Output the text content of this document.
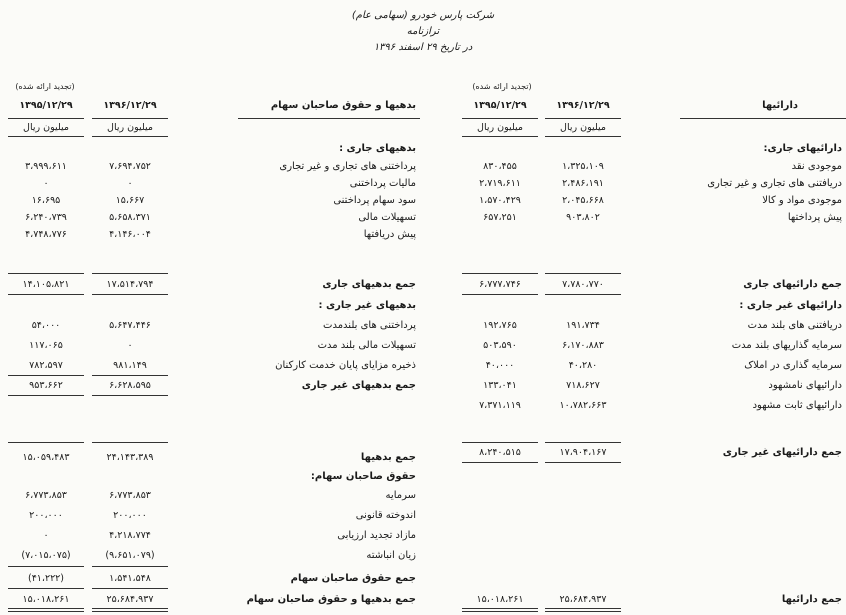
شرکت پارس خودرو (سهامی عام)
ترازنامه
در تاریخ ۲۹ اسفند ۱۳۹۶
دارائیها
(تجدید ارائه شده)
۱۳۹۶/۱۲/۲۹
۱۳۹۵/۱۲/۲۹
میلیون ریال
میلیون ریال
بدهیها و حقوق صاحبان سهام
(تجدید ارائه شده)
۱۳۹۶/۱۲/۲۹
۱۳۹۵/۱۲/۲۹
میلیون ریال
میلیون ریال
دارائیهای جاری:
موجودی نقد
۱،۳۲۵،۱۰۹
۸۳۰،۴۵۵
دریافتنی های تجاری و غیر تجاری
۲،۴۸۶،۱۹۱
۲،۷۱۹،۶۱۱
موجودی مواد و کالا
۲،۰۴۵،۶۶۸
۱،۵۷۰،۴۲۹
پیش پرداختها
۹۰۳،۸۰۲
۶۵۷،۲۵۱
جمع دارائیهای جاری
۷،۷۸۰،۷۷۰
۶،۷۷۷،۷۴۶
دارائیهای غیر جاری :
دریافتنی های بلند مدت
۱۹۱،۷۳۴
۱۹۲،۷۶۵
سرمایه گذاریهای بلند مدت
۶،۱۷۰،۸۸۳
۵۰۳،۵۹۰
سرمایه گذاری در املاک
۴۰،۲۸۰
۴۰،۰۰۰
دارائیهای نامشهود
۷۱۸،۶۲۷
۱۳۳،۰۴۱
دارائیهای ثابت مشهود
۱۰،۷۸۲،۶۶۳
۷،۳۷۱،۱۱۹
جمع دارائیهای غیر جاری
۱۷،۹۰۴،۱۶۷
۸،۲۴۰،۵۱۵
جمع دارائیها
۲۵،۶۸۴،۹۳۷
۱۵،۰۱۸،۲۶۱
بدهیهای جاری :
پرداختنی های تجاری و غیر تجاری
۷،۶۹۴،۷۵۲
۳،۹۹۹،۶۱۱
مالیات پرداختنی
۰
۰
سود سهام پرداختنی
۱۵،۶۶۷
۱۶،۶۹۵
تسهیلات مالی
۵،۶۵۸،۳۷۱
۶،۲۴۰،۷۳۹
پیش دریافتها
۴،۱۴۶،۰۰۴
۴،۷۴۸،۷۷۶
جمع بدهیهای جاری
۱۷،۵۱۴،۷۹۴
۱۴،۱۰۵،۸۲۱
بدهیهای غیر جاری :
پرداختنی های بلندمدت
۵،۶۴۷،۴۴۶
۵۴،۰۰۰
تسهیلات مالی بلند مدت
۰
۱۱۷،۰۶۵
ذخیره مزایای پایان خدمت کارکنان
۹۸۱،۱۴۹
۷۸۲،۵۹۷
جمع بدهیهای غیر جاری
۶،۶۲۸،۵۹۵
۹۵۳،۶۶۲
جمع بدهیها
۲۴،۱۴۳،۳۸۹
۱۵،۰۵۹،۴۸۳
حقوق صاحبان سهام:
سرمایه
۶،۷۷۳،۸۵۳
۶،۷۷۳،۸۵۳
اندوخته قانونی
۲۰۰،۰۰۰
۲۰۰،۰۰۰
مازاد تجدید ارزیابی
۴،۲۱۸،۷۷۴
۰
زیان انباشته
(۹،۶۵۱،۰۷۹)
(۷،۰۱۵،۰۷۵)
جمع حقوق صاحبان سهام
۱،۵۴۱،۵۴۸
(۴۱،۲۲۲)
جمع بدهیها و حقوق صاحبان سهام
۲۵،۶۸۴،۹۳۷
۱۵،۰۱۸،۲۶۱
